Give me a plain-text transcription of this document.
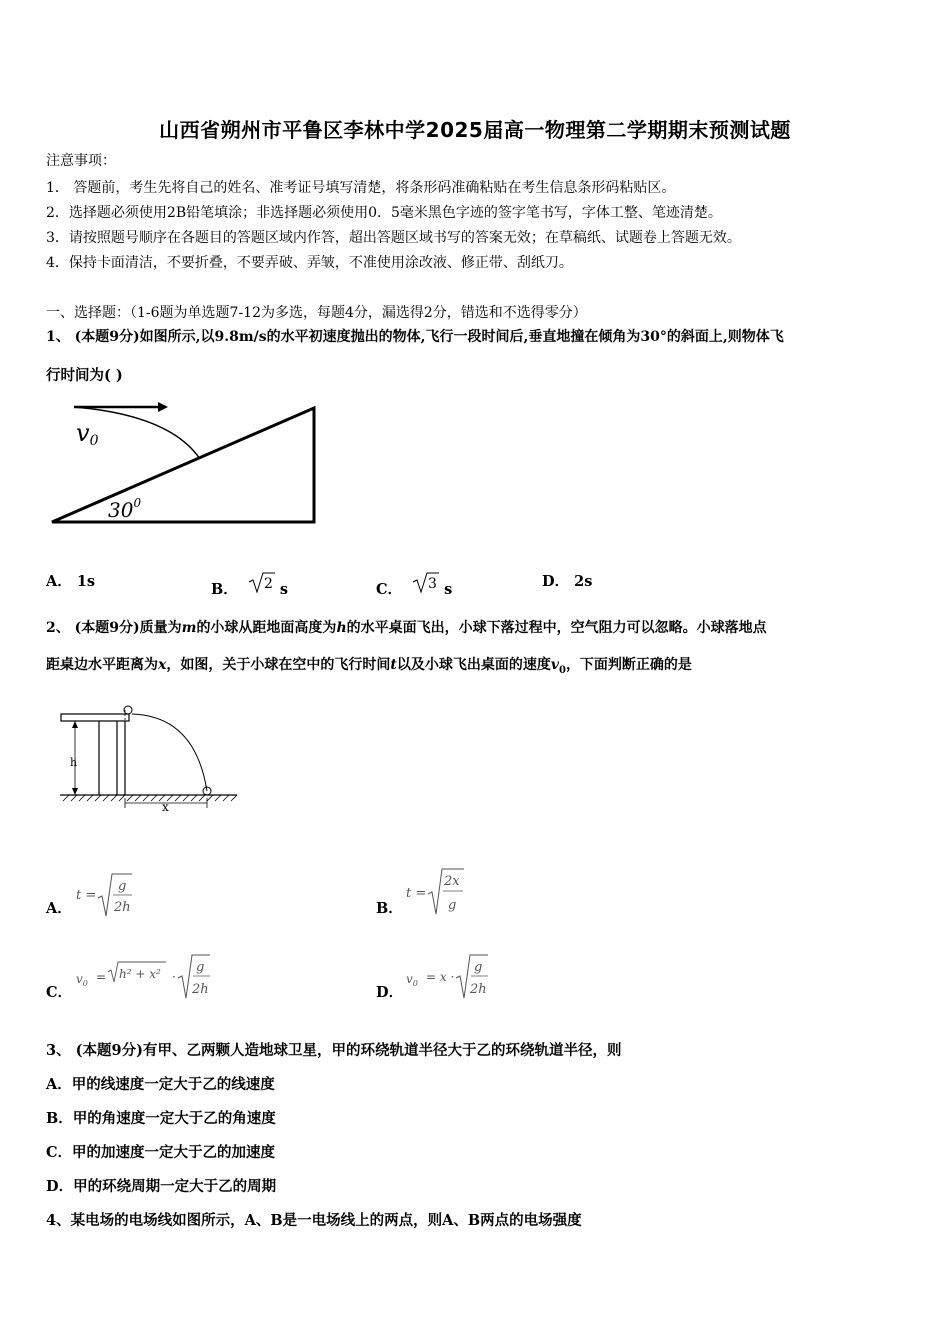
山西省朔州市平鲁区李林中学2025届高一物理第二学期期末预测试题
注意事项：
1． 答题前，考生先将自己的姓名、准考证号填写清楚，将条形码准确粘贴在考生信息条形码粘贴区。
2．选择题必须使用2B铅笔填涂；非选择题必须使用0．5毫米黑色字迹的签字笔书写，字体工整、笔迹清楚。
3．请按照题号顺序在各题目的答题区域内作答，超出答题区域书写的答案无效；在草稿纸、试题卷上答题无效。
4．保持卡面清洁，不要折叠，不要弄破、弄皱，不准使用涂改液、修正带、刮纸刀。
一、选择题：（1-6题为单选题7-12为多选，每题4分，漏选得2分，错选和不选得零分）
1、 (本题9分)如图所示,以9.8m/s的水平初速度抛出的物体,飞行一段时间后,垂直地撞在倾角为30°的斜面上,则物体飞
行时间为( )
v0
$30^0$
A． 1s	B． 2 s	C． 3 s	D． 2s
2、 (本题9分)质量为m的小球从距地面高度为h的水平桌面飞出，小球下落过程中，空气阻力可以忽略。小球落地点
距桌边水平距离为x，如图，关于小球在空中的飞行时间t以及小球飞出桌面的速度$v_0$，下面判断正确的是
h
x
A．
t =
g
2h	B．
t =
2x
g
C．
$v_0 = h^2 + x^2$ ·
g
2h	D．
$v_0 = x$ ·
g
2h
3、 (本题9分)有甲、乙两颗人造地球卫星，甲的环绕轨道半径大于乙的环绕轨道半径，则
A．甲的线速度一定大于乙的线速度
B．甲的角速度一定大于乙的角速度
C．甲的加速度一定大于乙的加速度
D．甲的环绕周期一定大于乙的周期
4、某电场的电场线如图所示，A、B是一电场线上的两点，则A、B两点的电场强度
